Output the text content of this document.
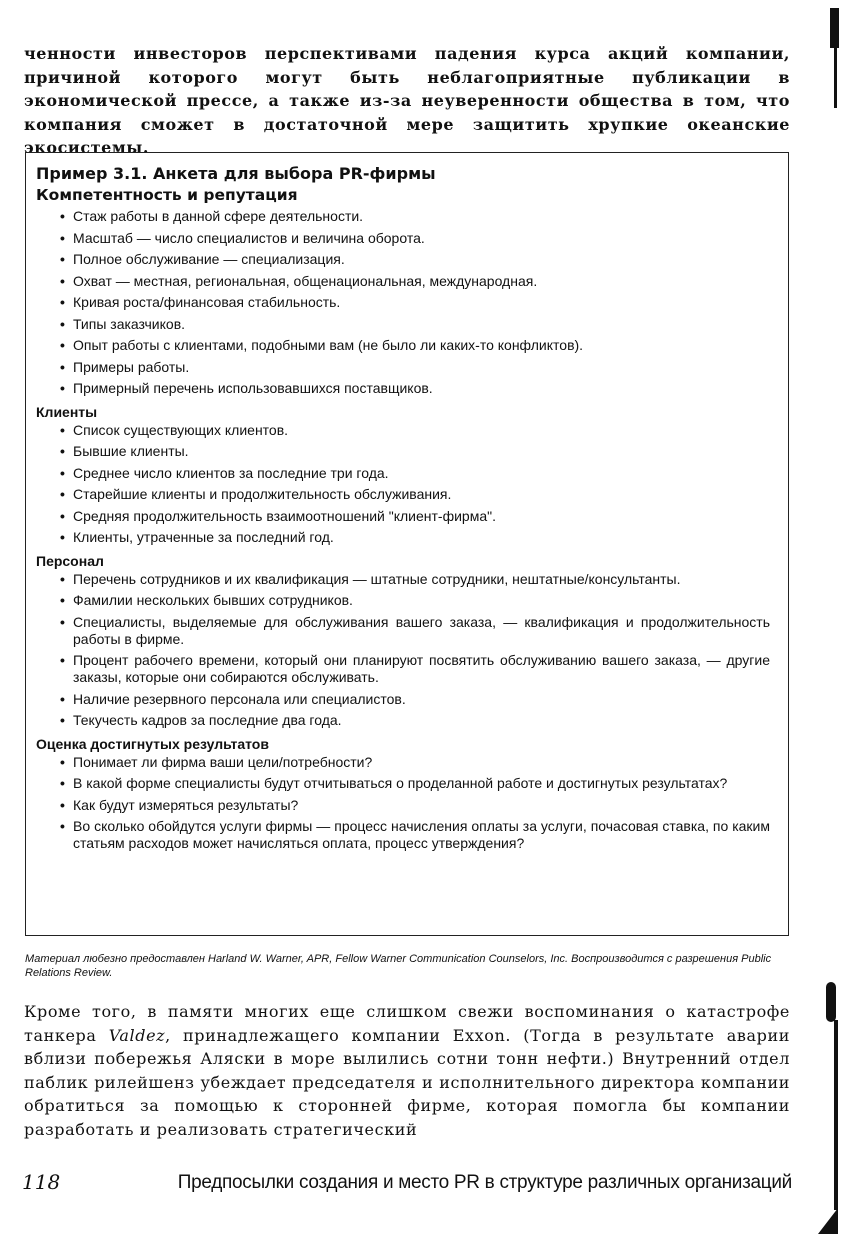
ченности инвесторов перспективами падения курса акций компании, причиной которого могут быть неблагоприятные публикации в экономической прессе, а также из-за неуверенности общества в том, что компания сможет в достаточной мере защитить хрупкие океанские экосистемы.

Пример 3.1. Анкета для выбора PR-фирмы

Компетентность и репутация

• Стаж работы в данной сфере деятельности.
• Масштаб — число специалистов и величина оборота.
• Полное обслуживание — специализация.
• Охват — местная, региональная, общенациональная, международная.
• Кривая роста/финансовая стабильность.
• Типы заказчиков.
• Опыт работы с клиентами, подобными вам (не было ли каких-то конфликтов).
• Примеры работы.
• Примерный перечень использовавшихся поставщиков.

Клиенты

• Список существующих клиентов.
• Бывшие клиенты.
• Среднее число клиентов за последние три года.
• Старейшие клиенты и продолжительность обслуживания.
• Средняя продолжительность взаимоотношений "клиент-фирма".
• Клиенты, утраченные за последний год.

Персонал

• Перечень сотрудников и их квалификация — штатные сотрудники, нештатные/консультанты.
• Фамилии нескольких бывших сотрудников.
• Специалисты, выделяемые для обслуживания вашего заказа, — квалификация и продолжительность работы в фирме.
• Процент рабочего времени, который они планируют посвятить обслуживанию вашего заказа, — другие заказы, которые они собираются обслуживать.
• Наличие резервного персонала или специалистов.
• Текучесть кадров за последние два года.

Оценка достигнутых результатов

• Понимает ли фирма ваши цели/потребности?
• В какой форме специалисты будут отчитываться о проделанной работе и достигнутых результатах?
• Как будут измеряться результаты?
• Во сколько обойдутся услуги фирмы — процесс начисления оплаты за услуги, почасовая ставка, по каким статьям расходов может начисляться оплата, процесс утверждения?

Материал любезно предоставлен Harland W. Warner, APR, Fellow Warner Communication Counselors, Inc. Воспроизводится с разрешения Public Relations Review.

Кроме того, в памяти многих еще слишком свежи воспоминания о катастрофе танкера Valdez, принадлежащего компании Exxon. (Тогда в результате аварии вблизи побережья Аляски в море вылились сотни тонн нефти.) Внутренний отдел паблик рилейшенз убеждает председателя и исполнительного директора компании обратиться за помощью к сторонней фирме, которая помогла бы компании разработать и реализовать стратегический

118	Предпосылки создания и место PR в структуре различных организаций
